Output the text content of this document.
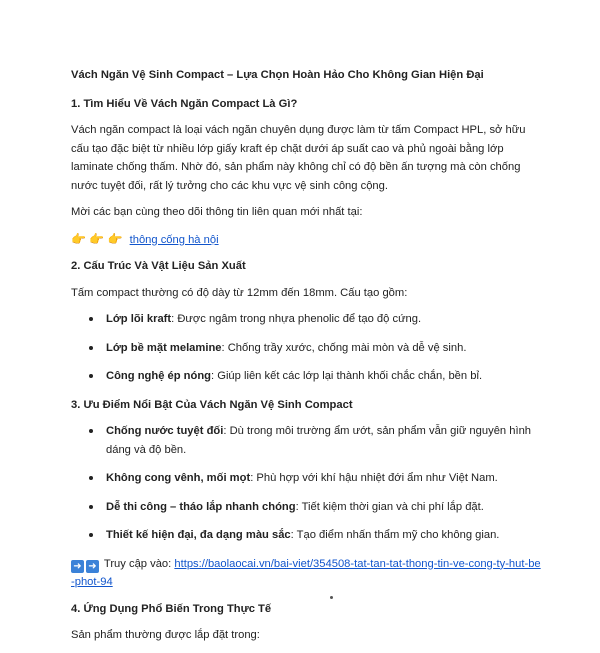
Vách Ngăn Vệ Sinh Compact – Lựa Chọn Hoàn Hảo Cho Không Gian Hiện Đại
1. Tìm Hiểu Về Vách Ngăn Compact Là Gì?

Vách ngăn compact là loại vách ngăn chuyên dụng được làm từ tấm Compact HPL, sở hữu cấu tạo đặc biệt từ nhiều lớp giấy kraft ép chặt dưới áp suất cao và phủ ngoài bằng lớp laminate chống thấm. Nhờ đó, sản phẩm này không chỉ có độ bền ấn tượng mà còn chống nước tuyệt đối, rất lý tưởng cho các khu vực vệ sinh công cộng.

Mời các bạn cùng theo dõi thông tin liên quan mới nhất tại:

👉 👉 👉 thông cống hà nội

2. Cấu Trúc Và Vật Liệu Sản Xuất

Tấm compact thường có độ dày từ 12mm đến 18mm. Cấu tạo gồm:

Lớp lõi kraft: Được ngâm trong nhựa phenolic để tạo độ cứng.
Lớp bề mặt melamine: Chống trầy xước, chống mài mòn và dễ vệ sinh.
Công nghệ ép nóng: Giúp liên kết các lớp lại thành khối chắc chắn, bền bỉ.
3. Ưu Điểm Nổi Bật Của Vách Ngăn Vệ Sinh Compact
Chống nước tuyệt đối: Dù trong môi trường ẩm ướt, sản phẩm vẫn giữ nguyên hình dáng và độ bền.
Không cong vênh, mối mọt: Phù hợp với khí hậu nhiệt đới ẩm như Việt Nam.
Dễ thi công – tháo lắp nhanh chóng: Tiết kiệm thời gian và chi phí lắp đặt.
Thiết kế hiện đại, đa dạng màu sắc: Tạo điểm nhấn thẩm mỹ cho không gian.

➜ ➜ Truy cập vào: https://baolaocai.vn/bai-viet/354508-tat-tan-tat-thong-tin-ve-cong-ty-hut-be-phot-94

4. Ứng Dụng Phổ Biến Trong Thực Tế

Sản phẩm thường được lắp đặt trong:
